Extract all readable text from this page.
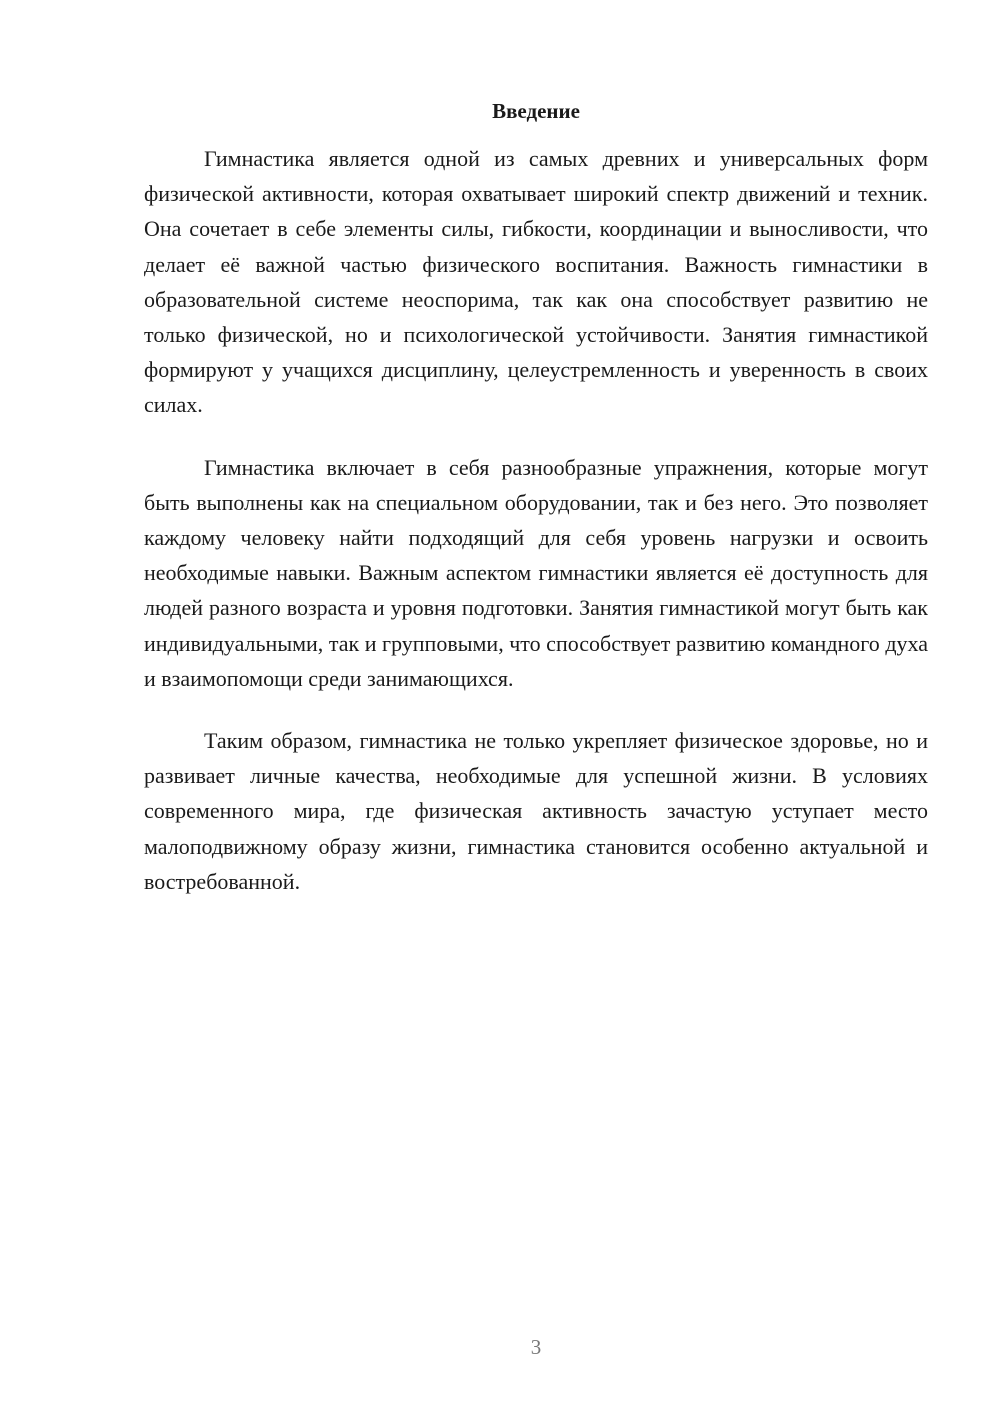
Введение

Гимнастика является одной из самых древних и универсальных форм физической активности, которая охватывает широкий спектр движений и техник. Она сочетает в себе элементы силы, гибкости, координации и выносливости, что делает её важной частью физического воспитания. Важность гимнастики в образовательной системе неоспорима, так как она способствует развитию не только физической, но и психологической устойчивости. Занятия гимнастикой формируют у учащихся дисциплину, целеустремленность и уверенность в своих силах.

Гимнастика включает в себя разнообразные упражнения, которые могут быть выполнены как на специальном оборудовании, так и без него. Это позволяет каждому человеку найти подходящий для себя уровень нагрузки и освоить необходимые навыки. Важным аспектом гимнастики является её доступность для людей разного возраста и уровня подготовки. Занятия гимнастикой могут быть как индивидуальными, так и групповыми, что способствует развитию командного духа и взаимопомощи среди занимающихся.

Таким образом, гимнастика не только укрепляет физическое здоровье, но и развивает личные качества, необходимые для успешной жизни. В условиях современного мира, где физическая активность зачастую уступает место малоподвижному образу жизни, гимнастика становится особенно актуальной и востребованной.

3
